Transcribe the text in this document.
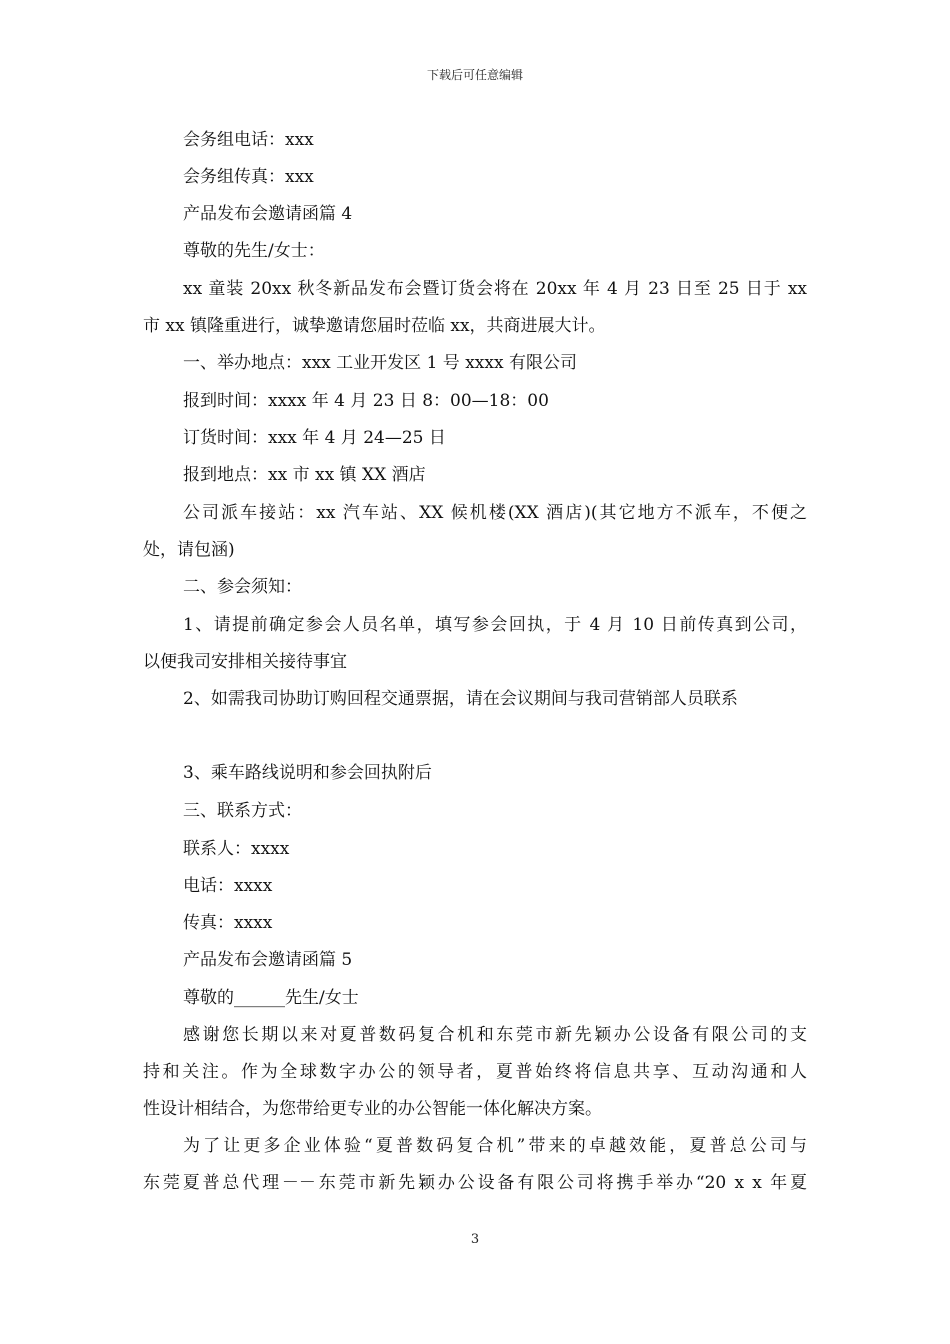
下载后可任意编辑
会务组电话：xxx
会务组传真：xxx
产品发布会邀请函篇 4
尊敬的先生/女士：
xx 童装 20xx 秋冬新品发布会暨订货会将在 20xx 年 4 月 23 日至 25 日于 xx
市 xx 镇隆重进行，诚挚邀请您届时莅临 xx，共商进展大计。
一、举办地点：xxx 工业开发区 1 号 xxxx 有限公司
报到时间：xxxx 年 4 月 23 日 8：00—18：00
订货时间：xxx 年 4 月 24—25 日
报到地点：xx 市 xx 镇 XX 酒店
公司派车接站：xx 汽车站、XX 候机楼(XX 酒店)(其它地方不派车，不便之
处，请包涵)
二、参会须知：
1、请提前确定参会人员名单，填写参会回执，于 4 月 10 日前传真到公司，
以便我司安排相关接待事宜
2、如需我司协助订购回程交通票据，请在会议期间与我司营销部人员联系
3、乘车路线说明和参会回执附后
三、联系方式：
联系人：xxxx
电话：xxxx
传真：xxxx
产品发布会邀请函篇 5
尊敬的______先生/女士
感谢您长期以来对夏普数码复合机和东莞市新先颖办公设备有限公司的支
持和关注。作为全球数字办公的领导者，夏普始终将信息共享、互动沟通和人
性设计相结合，为您带给更专业的办公智能一体化解决方案。
为了让更多企业体验“夏普数码复合机”带来的卓越效能，夏普总公司与
东莞夏普总代理－－东莞市新先颖办公设备有限公司将携手举办“20 x x 年夏
3
